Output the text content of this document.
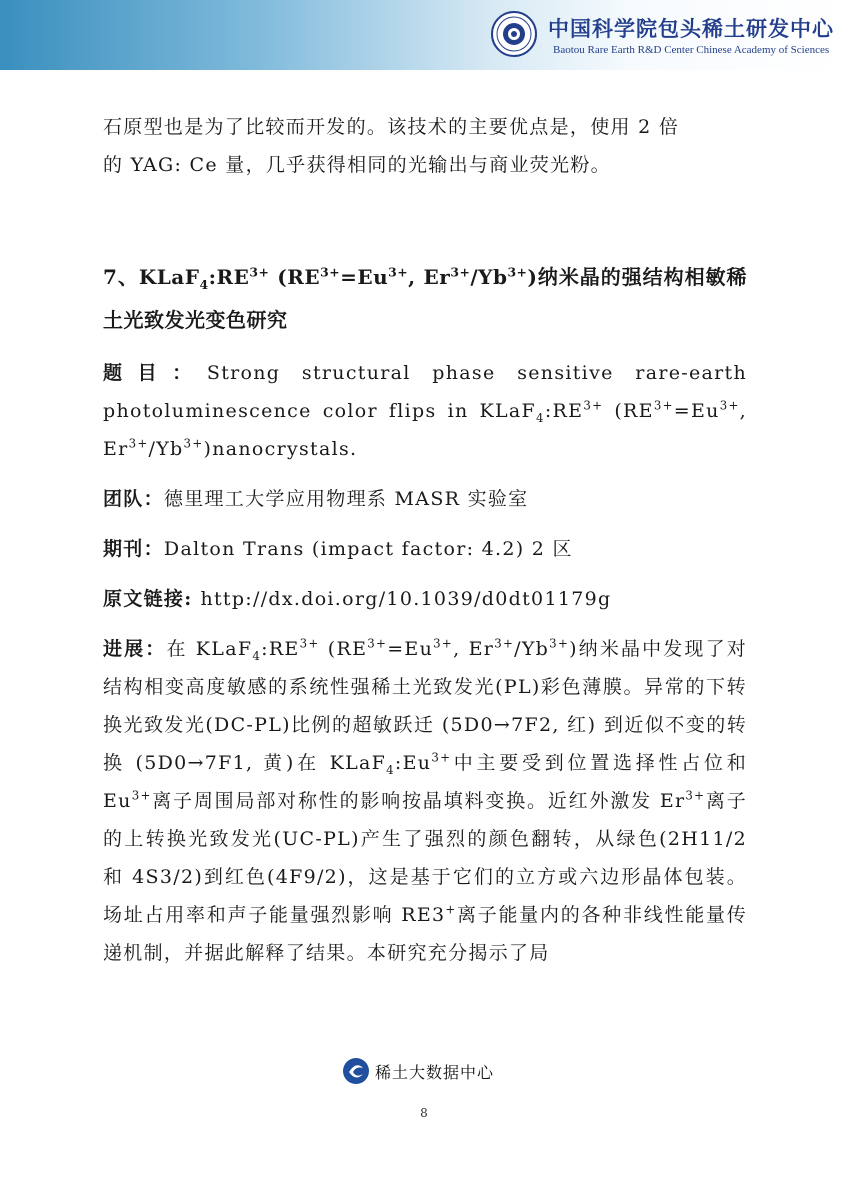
中国科学院包头稀土研发中心
Baotou Rare Earth R&D Center Chinese Academy of Sciences

石原型也是为了比较而开发的。该技术的主要优点是，使用 2 倍
的 YAG: Ce 量，几乎获得相同的光输出与商业荧光粉。

7、$KLaF_4:RE^{3+}$ ($RE^{3+}=Eu^{3+}$, $Er^{3+}/Yb^{3+}$)纳米晶的强结构相敏稀土光致发光变色研究

题目：Strong structural phase sensitive rare-earth photoluminescence color flips in $KLaF_4:RE^{3+}$ ($RE^{3+}=Eu^{3+}$, $Er^{3+}/Yb^{3+})nanocrystals$.

团队：德里理工大学应用物理系 MASR 实验室

期刊：Dalton Trans (impact factor: 4.2) 2 区

原文链接: http://dx.doi.org/10.1039/d0dt01179g

进展：在 $KLaF_4:RE^{3+}$ ($RE^{3+}=Eu^{3+}$, $Er^{3+}/Yb^{3+}$)纳米晶中发现了对结构相变高度敏感的系统性强稀土光致发光(PL)彩色薄膜。异常的下转换光致发光(DC-PL)比例的超敏跃迁 (5D0→7F2, 红) 到近似不变的转换 (5D0→7F1, 黄)在 $KLaF_4:Eu^{3+}$中主要受到位置选择性占位和 $Eu^{3+}$离子周围局部对称性的影响按晶填料变换。近红外激发 $Er^{3+}$离子的上转换光致发光(UC-PL)产生了强烈的颜色翻转，从绿色(2H11/2 和 4S3/2)到红色(4F9/2)，这是基于它们的立方或六边形晶体包装。场址占用率和声子能量强烈影响 RE3+离子能量内的各种非线性能量传递机制，并据此解释了结果。本研究充分揭示了局

稀土大数据中心
8
